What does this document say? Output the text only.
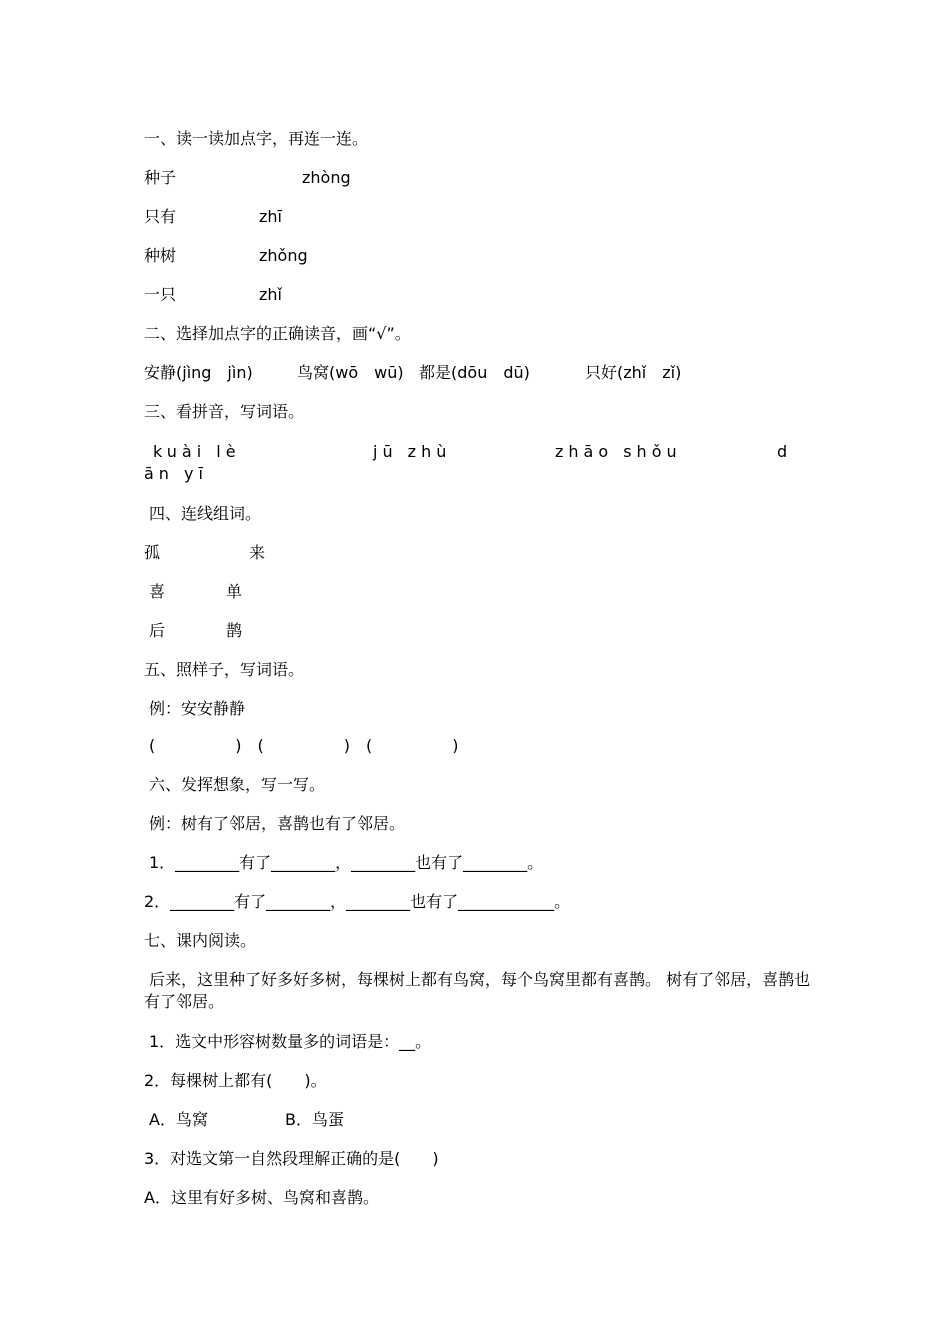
一、读一读加点字，再连一连。
种子	zhòng
只有	zhī
种树	zhǒng
一只	zhǐ
二、选择加点字的正确读音，画“√”。
安静(jìng　jìn)	鸟窝(wō　wū) 都是(dōu　dū)	只好(zhǐ　zǐ)
三、看拼音，写词语。
kuài lè	jū zhù	zhāo shǒu	d
ān yī
四、连线组词。
孤	来
喜	单
后	鹊
五、照样子，写词语。
例：安安静静
(　　　　　)　(　　　　　)　(　　　　　)
六、发挥想象，写一写。
例：树有了邻居，喜鹊也有了邻居。
1．________有了________，________也有了________。
2．________有了________，________也有了____________。
七、课内阅读。
后来，这里种了好多好多树，每棵树上都有鸟窝，每个鸟窝里都有喜鹊。 树有了邻居，喜鹊也有了邻居。
1．选文中形容树数量多的词语是：__。
2．每棵树上都有(　　)。
A．鸟窝	B．鸟蛋
3．对选文第一自然段理解正确的是(　　)
A．这里有好多树、鸟窝和喜鹊。
